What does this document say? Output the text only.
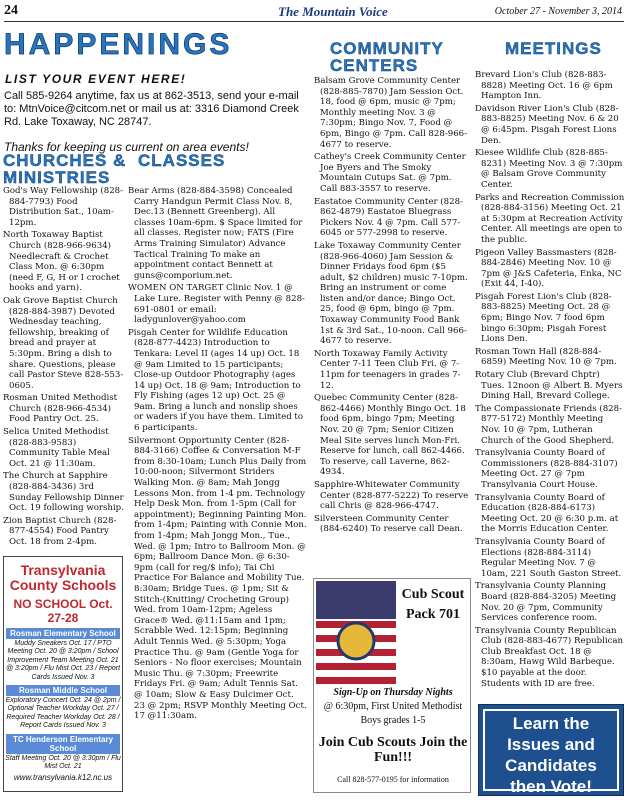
24	The Mountain Voice	October 27 - November 3, 2014
HAPPENINGS
LIST YOUR EVENT HERE!
Call 585-9264 anytime, fax us at 862-3513, send your e-mail to: MtnVoice@citcom.net or mail us at: 3316 Diamond Creek Rd. Lake Toxaway, NC 28747.
Thanks for keeping us current on area events!
CHURCHES & MINISTRIES
CLASSES
COMMUNITY CENTERS
MEETINGS

God's Way Fellowship (828-884-7793) Food Distribution Sat., 10am-12pm.

North Toxaway Baptist Church (828-966-9634) Needlecraft & Crochet Class Mon. @ 6:30pm (need F, G, H or I crochet hooks and yarn).

Oak Grove Baptist Church (828-884-3987) Devoted Wednesday teaching, fellowship, breaking of bread and prayer at 5:30pm. Bring a dish to share. Questions, please call Pastor Steve 828-553-0605.

Rosman United Methodist Church (828-966-4534) Food Pantry Oct. 25.

Selica United Methodist (828-883-9583) Community Table Meal Oct. 21 @ 11:30am.

The Church at Sapphire (828-884-3436) 3rd Sunday Fellowship Dinner Oct. 19 following worship.

Zion Baptist Church (828-877-4554) Food Pantry Oct. 18 from 2-4pm.

Bear Arms (828-884-3598) Concealed Carry Handgun Permit Class Nov. 8, Dec.13 (Bennett Greenberg). All classes 10am-6pm. $ Space limited for all classes. Register now; FATS (Fire Arms Training Simulator) Advance Tactical Training To make an appointment contact Bennett at guns@comporium.net.

WOMEN ON TARGET Clinic Nov. 1 @ Lake Lure. Register with Penny @ 828-691-0801 or email: ladygunlover@yahoo.com

Pisgah Center for Wildlife Education (828-877-4423) Introduction to Tenkara: Level II (ages 14 up) Oct. 18 @ 9am Limited to 15 participants; Close-up Outdoor Photography (ages 14 up) Oct. 18 @ 9am; Introduction to Fly Fishing (ages 12 up) Oct. 25 @ 9am. Bring a lunch and nonslip shoes or waders if you have them. Limited to 6 participants.

Silvermont Opportunity Center (828-884-3166) Coffee & Conversation M-F from 8:30-10am; Lunch Plus Daily from 10:00-noon; Silvermont Striders Walking Mon. @ 8am; Mah Jongg Lessons Mon. from 1-4 pm. Technology Help Desk Mon. from 1-5pm (Call for appointment); Beginning Painting Mon. from 1-4pm; Painting with Connie Mon. from 1-4pm; Mah Jongg Mon., Tue., Wed. @ 1pm; Intro to Ballroom Mon. @ 6pm; Ballroom Dance Mon. @ 6:30-9pm (call for reg/$ info); Tai Chi Practice For Balance and Mobility Tue. 8:30am; Bridge Tues. @ 1pm; Sit & Stitch-(Knitting/ Crocheting Group) Wed. from 10am-12pm; Ageless Grace® Wed. @11:15am and 1pm; Scrabble Wed. 12:15pm; Beginning Adult Tennis Wed. @ 5:30pm; Yoga Practice Thu. @ 9am (Gentle Yoga for Seniors - No floor exercises; Mountain Music Thu. @ 7:30pm; Freewrite Fridays Fri. @ 9am; Adult Tennis Sat. @ 10am; Slow & Easy Dulcimer Oct. 23 @ 2pm; RSVP Monthly Meeting Oct. 17 @11:30am.

Balsam Grove Community Center (828-885-7870) Jam Session Oct. 18, food @ 6pm, music @ 7pm; Monthly meeting Nov. 3 @ 7:30pm; Bingo Nov. 7, Food @ 6pm, Bingo @ 7pm. Call 828-966-4677 to reserve.

Cathey's Creek Community Center Joe Byers and The Smoky Mountain Cutups Sat. @ 7pm. Call 883-3557 to reserve.

Eastatoe Community Center (828-862-4879) Eastatoe Bluegrass Pickers Nov. 4 @ 7pm. Call 577-6045 or 577-2998 to reserve.

Lake Toxaway Community Center (828-966-4060) Jam Session & Dinner Fridays food 6pm ($5 adult, $2 children) music 7-10pm. Bring an instrument or come listen and/or dance; Bingo Oct. 25, food @ 6pm, bingo @ 7pm. Toxaway Community Food Bank 1st & 3rd Sat., 10-noon. Call 966-4677 to reserve.

North Toxaway Family Activity Center 7-11 Teen Club Fri. @ 7-11pm for teenagers in grades 7-12.

Quebec Community Center (828-862-4466) Monthly Bingo Oct. 18 food 6pm, bingo 7pm; Meeting Nov. 20 @ 7pm; Senior Citizen Meal Site serves lunch Mon-Fri. Reserve for lunch, call 862-4466. To reserve, call Laverne, 862-4934.

Sapphire-Whitewater Community Center (828-877-5222) To reserve call Chris @ 828-966-4747.

Silversteen Community Center (884-6240) To reserve call Dean.

Brevard Lion's Club (828-883-8828) Meeting Oct. 16 @ 6pm Hampton Inn.

Davidson River Lion's Club (828-883-8825) Meeting Nov. 6 & 20 @ 6:45pm. Pisgah Forest Lions Den.

Kiesee Wildlife Club (828-885-8231) Meeting Nov. 3 @ 7:30pm @ Balsam Grove Community Center.

Parks and Recreation Commission (828-884-3156) Meeting Oct. 21 at 5:30pm at Recreation Activity Center. All meetings are open to the public.

Pigeon Valley Bassmasters (828-884-2846) Meeting Nov. 10 @ 7pm @ J&S Cafeteria, Enka, NC (Exit 44, I-40).

Pisgah Forest Lion's Club (828-883-8825) Meeting Oct. 28 @ 6pm; Bingo Nov. 7 food 6pm bingo 6:30pm; Pisgah Forest Lions Den.

Rosman Town Hall (828-884-6859) Meeting Nov. 10 @ 7pm.

Rotary Club (Brevard Chptr) Tues. 12noon @ Albert B. Myers Dining Hall, Brevard College.

The Compassionate Friends (828-877-5172) Monthly Meeting Nov. 10 @ 7pm, Lutheran Church of the Good Shepherd.

Transylvania County Board of Commissioners (828-884-3107) Meeting Oct. 27 @ 7pm Transylvania Court House.

Transylvania County Board of Education (828-884-6173) Meeting Oct. 20 @ 6:30 p.m. at the Morris Education Center.

Transylvania County Board of Elections (828-884-3114) Regular Meeting Nov. 7 @ 10am, 221 South Gaston Street.

Transylvania County Planning Board (828-884-3205) Meeting Nov. 20 @ 7pm, Community Services conference room.

Transylvania County Republican Club (828-883-4677) Republican Club Breakfast Oct. 18 @ 8:30am, Hawg Wild Barbeque. $10 payable at the door. Students with ID are free.

Transylvania County Schools
NO SCHOOL Oct. 27-28
Rosman Elementary School
Muddy Sneakers Oct. 17 / PTO Meeting Oct. 20 @ 3:20pm / School Improvement Team Meeting Oct. 21 @ 3:20pm / Flu Mist Oct. 23 / Report Cards Issued Nov. 3
Rosman Middle School
Exploratory Concert Oct. 24 @ 2pm / Optional Teacher Workday Oct. 27 / Required Teacher Workday Oct. 28 / Report Cards Issued Nov. 3
TC Henderson Elementary School
Staff Meeting Oct. 20 @ 3:30pm / Flu Mist Oct. 21
www.transylvania.k12.nc.us
Cub Scout Pack 701
Sign-Up on Thursday Nights
@ 6:30pm, First United Methodist
Boys grades 1-5
Join Cub Scouts Join the Fun!!!
Call 828-577-0195 for information
Learn the Issues and Candidates then Vote!
